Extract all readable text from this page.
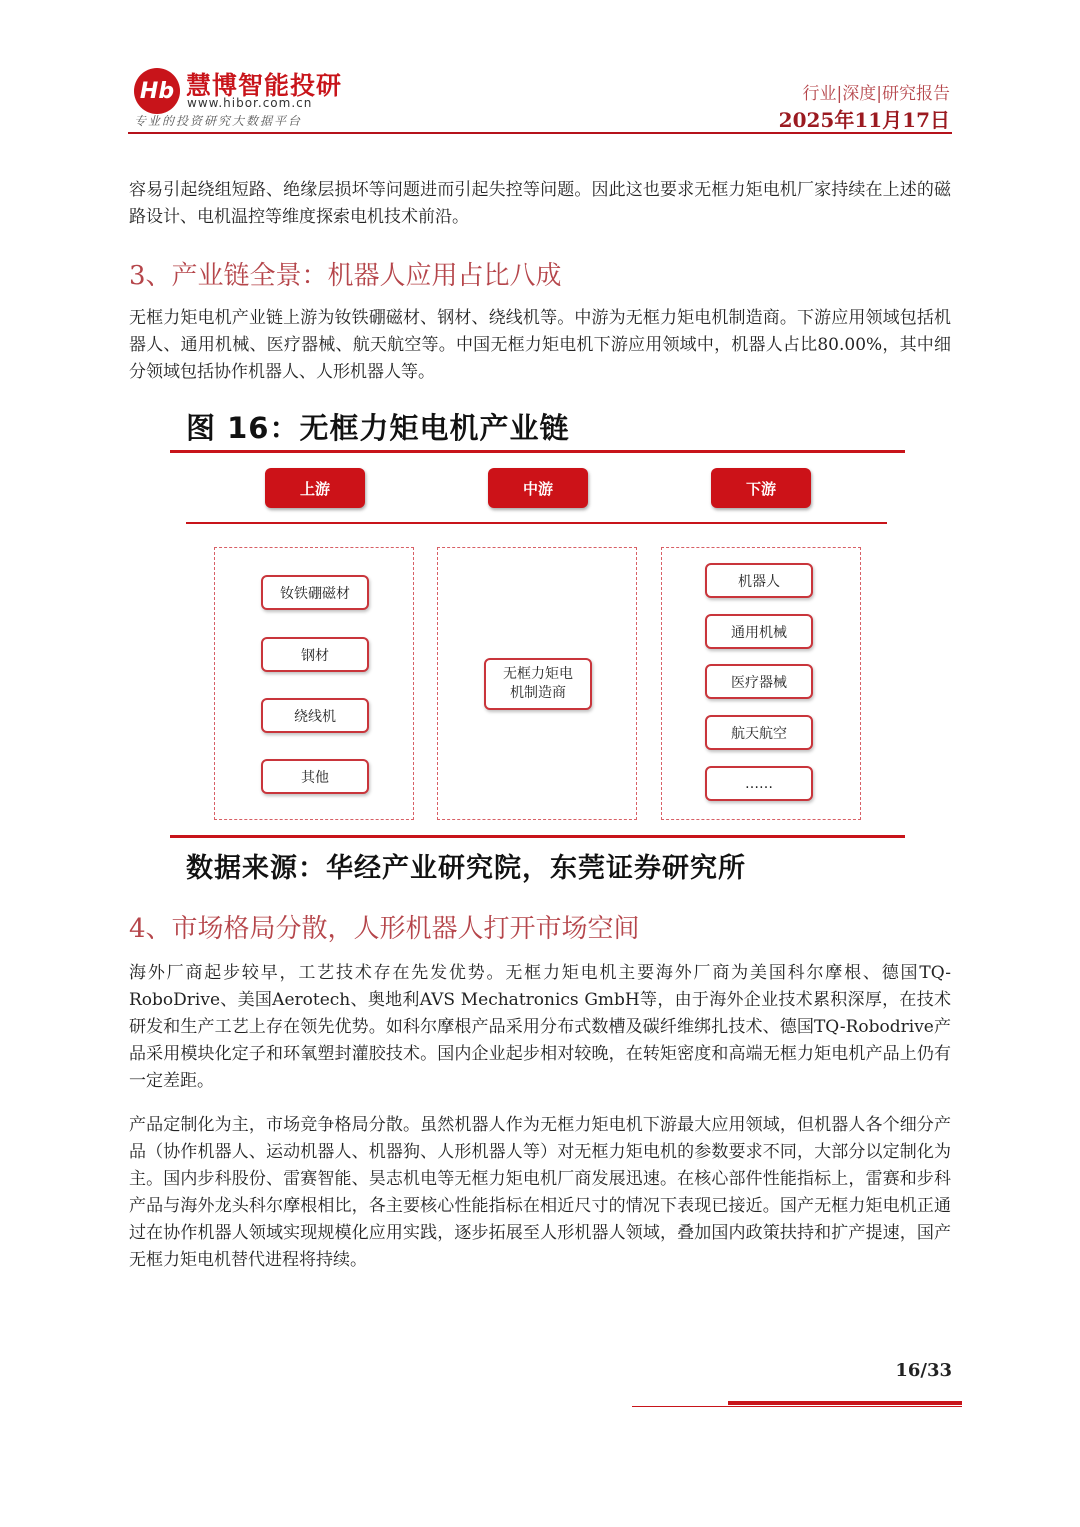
Hb 慧博智能投研
www.hibor.com.cn
专业的投资研究大数据平台
行业|深度|研究报告
2025年11月17日
容易引起绕组短路、绝缘层损坏等问题进而引起失控等问题。因此这也要求无框力矩电机厂家持续在上述的磁路设计、电机温控等维度探索电机技术前沿。
3、产业链全景：机器人应用占比八成
无框力矩电机产业链上游为钕铁硼磁材、钢材、绕线机等。中游为无框力矩电机制造商。下游应用领域包括机器人、通用机械、医疗器械、航天航空等。中国无框力矩电机下游应用领域中，机器人占比80.00%，其中细分领域包括协作机器人、人形机器人等。
图 16：无框力矩电机产业链
上游	中游	下游
钕铁硼磁材
钢材
绕线机
其他
无框力矩电机制造商
机器人
通用机械
医疗器械
航天航空
……
数据来源：华经产业研究院，东莞证券研究所
4、市场格局分散，人形机器人打开市场空间
海外厂商起步较早，工艺技术存在先发优势。无框力矩电机主要海外厂商为美国科尔摩根、德国TQ-RoboDrive、美国Aerotech、奥地利AVS Mechatronics GmbH等，由于海外企业技术累积深厚，在技术研发和生产工艺上存在领先优势。如科尔摩根产品采用分布式数槽及碳纤维绑扎技术、德国TQ-Robodrive产品采用模块化定子和环氧塑封灌胶技术。国内企业起步相对较晚，在转矩密度和高端无框力矩电机产品上仍有一定差距。
产品定制化为主，市场竞争格局分散。虽然机器人作为无框力矩电机下游最大应用领域，但机器人各个细分产品（协作机器人、运动机器人、机器狗、人形机器人等）对无框力矩电机的参数要求不同，大部分以定制化为主。国内步科股份、雷赛智能、昊志机电等无框力矩电机厂商发展迅速。在核心部件性能指标上，雷赛和步科产品与海外龙头科尔摩根相比，各主要核心性能指标在相近尺寸的情况下表现已接近。国产无框力矩电机正通过在协作机器人领域实现规模化应用实践，逐步拓展至人形机器人领域，叠加国内政策扶持和扩产提速，国产无框力矩电机替代进程将持续。
16/33
